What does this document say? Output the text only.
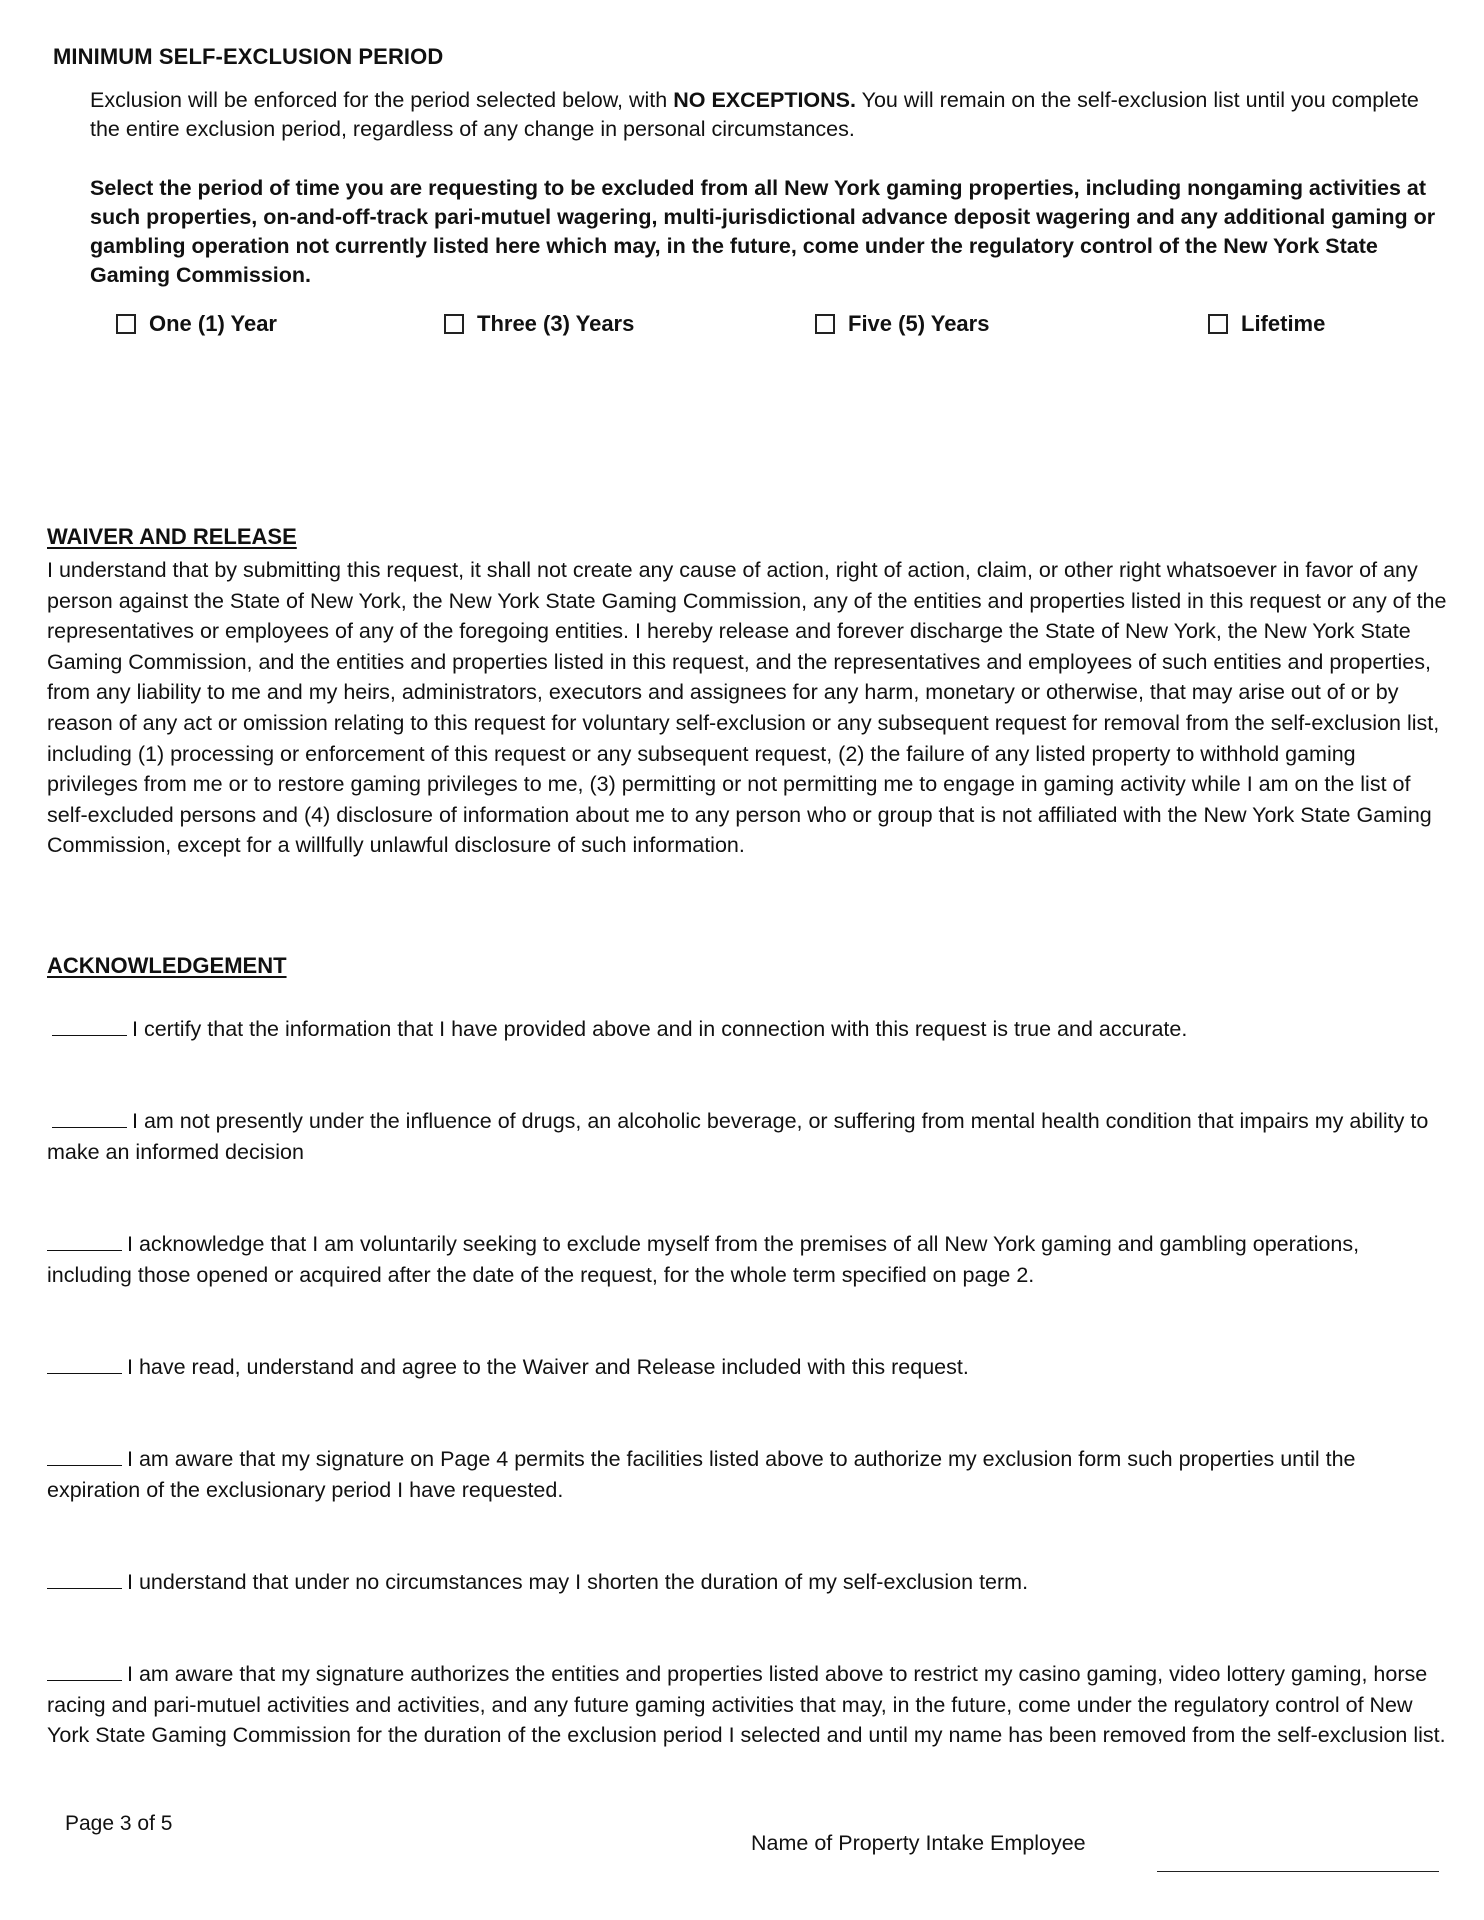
MINIMUM SELF-EXCLUSION PERIOD
Exclusion will be enforced for the period selected below, with NO EXCEPTIONS. You will remain on the self-exclusion list until you complete the entire exclusion period, regardless of any change in personal circumstances.
Select the period of time you are requesting to be excluded from all New York gaming properties, including nongaming activities at such properties, on-and-off-track pari-mutuel wagering, multi-jurisdictional advance deposit wagering and any additional gaming or gambling operation not currently listed here which may, in the future, come under the regulatory control of the New York State Gaming Commission.
One (1) Year	Three (3) Years	Five (5) Years	Lifetime
WAIVER AND RELEASE
I understand that by submitting this request, it shall not create any cause of action, right of action, claim, or other right whatsoever in favor of any person against the State of New York, the New York State Gaming Commission, any of the entities and properties listed in this request or any of the representatives or employees of any of the foregoing entities. I hereby release and forever discharge the State of New York, the New York State Gaming Commission, and the entities and properties listed in this request, and the representatives and employees of such entities and properties, from any liability to me and my heirs, administrators, executors and assignees for any harm, monetary or otherwise, that may arise out of or by reason of any act or omission relating to this request for voluntary self-exclusion or any subsequent request for removal from the self-exclusion list, including (1) processing or enforcement of this request or any subsequent request, (2) the failure of any listed property to withhold gaming privileges from me or to restore gaming privileges to me, (3) permitting or not permitting me to engage in gaming activity while I am on the list of self-excluded persons and (4) disclosure of information about me to any person who or group that is not affiliated with the New York State Gaming Commission, except for a willfully unlawful disclosure of such information.
ACKNOWLEDGEMENT
I certify that the information that I have provided above and in connection with this request is true and accurate.
I am not presently under the influence of drugs, an alcoholic beverage, or suffering from mental health condition that impairs my ability to make an informed decision
I acknowledge that I am voluntarily seeking to exclude myself from the premises of all New York gaming and gambling operations, including those opened or acquired after the date of the request, for the whole term specified on page 2.
I have read, understand and agree to the Waiver and Release included with this request.
I am aware that my signature on Page 4 permits the facilities listed above to authorize my exclusion form such properties until the expiration of the exclusionary period I have requested.
I understand that under no circumstances may I shorten the duration of my self-exclusion term.
I am aware that my signature authorizes the entities and properties listed above to restrict my casino gaming, video lottery gaming, horse racing and pari-mutuel activities and activities, and any future gaming activities that may, in the future, come under the regulatory control of New York State Gaming Commission for the duration of the exclusion period I selected and until my name has been removed from the self-exclusion list.
Page 3 of 5
Name of Property Intake Employee
